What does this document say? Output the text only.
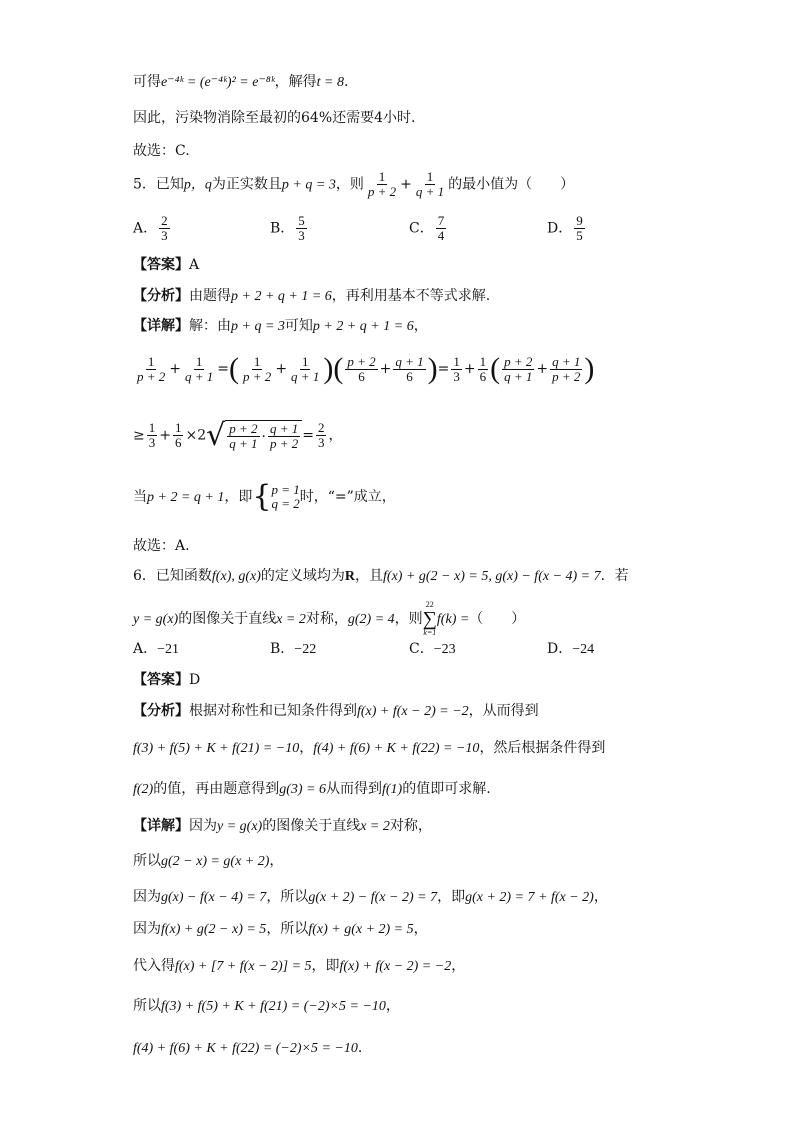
可得e⁻⁴ᵏ = (e⁻⁴ᵏ)² = e⁻⁸ᵏ，解得t = 8.
因此，污染物消除至最初的64%还需要4小时.
故选：C.
5．已知p，q为正实数且p + q = 3，则 $\frac{1}{p + 2} + \frac{1}{q + 1}$ 的最小值为（　　）
A． $\frac{2}{3}$	B． $\frac{5}{3}$	C． $\frac{7}{4}$	D． $\frac{9}{5}$
【答案】A
【分析】由题得p + 2 + q + 1 = 6，再利用基本不等式求解.
【详解】解：由p + q = 3可知p + 2 + q + 1 = 6，
$\frac{1}{p + 2} + \frac{1}{q + 1}$ =( $\frac{1}{p + 2} + \frac{1}{q + 1}$ )( $\frac{p + 2}{6} + \frac{q + 1}{6}$ )= $\frac{1}{3} + \frac{1}{6}$ ( $\frac{p + 2}{q + 1} + \frac{q + 1}{p + 2}$ )
≥ $\frac{1}{3} + \frac{1}{6} \times 2$ √ $\frac{p + 2}{q + 1} \cdot \frac{q + 1}{p + 2} = \frac{2}{3}$ ，
当p + 2 = q + 1，即 { p = 1
q = 2 时，“=”成立，
故选：A.
6．已知函数f(x), g(x)的定义域均为R，且f(x) + g(2 − x) = 5, g(x) − f(x − 4) = 7．若
y = g(x)的图像关于直线x = 2对称，g(2) = 4，则
22
∑
k=1
f(k) =（　　）
A．−21	B．−22	C．−23	D．−24
【答案】D
【分析】根据对称性和已知条件得到f(x) + f(x − 2) = −2，从而得到
f(3) + f(5) + K + f(21) = −10，f(4) + f(6) + K + f(22) = −10，然后根据条件得到
f(2)的值，再由题意得到g(3) = 6从而得到f(1)的值即可求解.
【详解】因为y = g(x)的图像关于直线x = 2对称，
所以g(2 − x) = g(x + 2)，
因为g(x) − f(x − 4) = 7，所以g(x + 2) − f(x − 2) = 7，即g(x + 2) = 7 + f(x − 2)，
因为f(x) + g(2 − x) = 5，所以f(x) + g(x + 2) = 5，
代入得f(x) + [7 + f(x − 2)] = 5，即f(x) + f(x − 2) = −2，
所以f(3) + f(5) + K + f(21) = (−2)×5 = −10，
f(4) + f(6) + K + f(22) = (−2)×5 = −10.
